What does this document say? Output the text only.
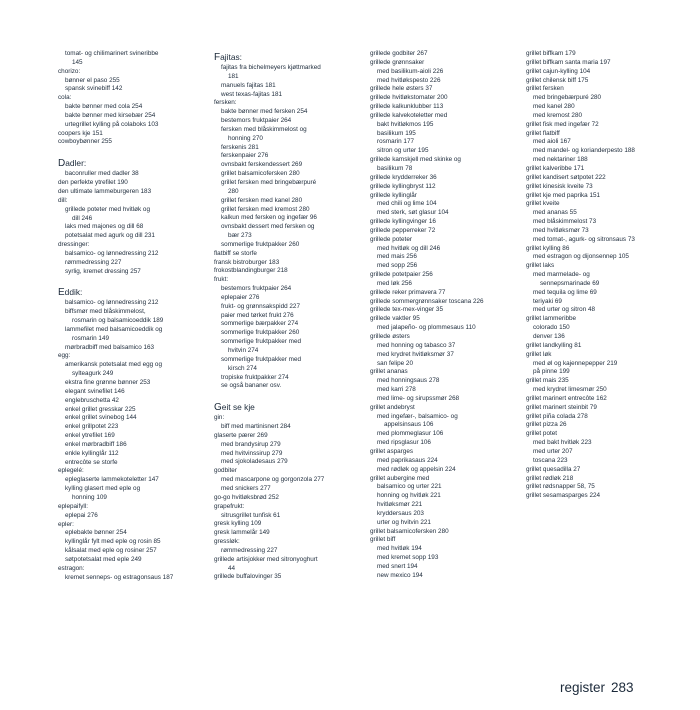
tomat- og chilimarinert svineribbe
145
chorizo:
bønner el paso 255
spansk svinebiff 142
cola:
bakte bønner med cola 254
bakte bønner med kirsebær 254
urtegrillet kylling på colaboks 103
coopers kje 151
cowboybønner 255
Dadler:
baconruller med dadler 38
den perfekte ytrefilet 190
den ultimate lammeburgeren 183
dill:
grillede poteter med hvitløk og
dill 246
laks med majones og dill 68
potetsalat med agurk og dill 231
dressinger:
balsamico- og lønnedressing 212
rømmedressing 227
syrlig, kremet dressing 257
Eddik:
balsamico- og lønnedressing 212
biffsmør med blåskimmelost,
rosmarin og balsamicoeddik 189
lammefilet med balsamicoeddik og
rosmarin 149
mørbradbiff med balsamico 163
egg:
amerikansk potetsalat med egg og
sylteagurk 249
ekstra fine grønne bønner 253
elegant svinefilet 146
englebruschetta 42
enkel grillet gresskar 225
enkel grillet svinebog 144
enkel grillpotet 223
enkel ytrefilet 169
enkel mørbradbiff 186
enkle kyllinglår 112
entrecôte se storfe
eplegelé:
epleglaserte lammekoteletter 147
kylling glasert med eple og
honning 109
eplepaifyll:
eplepai 276
epler:
eplebakte bønner 254
kyllinglår fylt med eple og rosin 85
kålsalat med eple og rosiner 257
søtpotetsalat med eple 249
estragon:
kremet senneps- og estragonsaus 187
Fajitas:
fajitas fra bichelmeyers kjøttmarked
181
manuels fajitas 181
west texas-fajitas 181
fersken:
bakte bønner med fersken 254
bestemors fruktpaier 264
fersken med blåskimmelost og
honning 270
ferskenis 281
ferskenpaier 276
ovnsbakt ferskendessert 269
grillet balsamicofersken 280
grillet fersken med bringebærpuré
280
grillet fersken med kanel 280
grillet fersken med kremost 280
kalkun med fersken og ingefær 96
ovnsbakt dessert med fersken og
bær 273
sommerlige fruktpakker 260
flatbiff se storfe
fransk bistroburger 183
frokostblandingburger 218
frukt:
bestemors fruktpaier 264
eplepaier 276
frukt- og grønnsakspidd 227
paier med tørket frukt 276
sommerlige bærpakker 274
sommerlige fruktpakker 260
sommerlige fruktpakker med
hvitvin 274
sommerlige fruktpakker med
kirsch 274
tropiske fruktpakker 274
se også bananer osv.
Geit se kje
gin:
biff med martinisnert 284
glaserte pærer 269
med brandysirup 279
med hvitvinssirup 279
med sjokoladesaus 279
godbiter
med mascarpone og gorgonzola 277
med snickers 277
go-go hvitløksbrød 252
grapefrukt:
sitrusgrillet tunfisk 61
gresk kylling 109
gresk lammelår 149
gressløk:
rømmedressing 227
grillede artisjokker med sitronyoghurt
44
grillede buffalovinger 35
grillede godbiter 267
grillede grønnsaker
med basilikum-aioli 226
med hvitløkspesto 226
grillede hele østers 37
grillede hvitløkstomater 200
grillede kalkunklubber 113
grillede kalvekoteletter med
bakt hvitløkmos 195
basilikum 195
rosmarin 177
sitron og urter 195
grillede kamskjell med skinke og
basilikum 78
grillede krydderreker 36
grillede kyllingbryst 112
grillede kyllinglår
med chili og lime 104
med sterk, søt glasur 104
grillede kyllingvinger 16
grillede pepperreker 72
grillede poteter
med hvitløk og dill 246
med mais 256
med sopp 256
grillede potetpaier 256
med løk 256
grillede reker primavera 77
grillede sommergrønnsaker toscana 226
grillede tex-mex-vinger 35
grillede vaktler 95
med jalapeño- og plommesaus 110
grillede østers
med honning og tabasco 37
med krydret hvitløksmør 37
san felipe 20
grillet ananas
med honningsaus 278
med karri 278
med lime- og sirupssmør 268
grillet andebryst
med ingefær-, balsamico- og
appelsinsaus 106
med plommeglasur 106
med ripsglasur 106
grillet asparges
med paprikasaus 224
med rødløk og appelsin 224
grillet aubergine med
balsamico og urter 221
honning og hvitløk 221
hvitløksmør 221
kryddersaus 203
urter og hvitvin 221
grillet balsamicofersken 280
grillet biff
med hvitløk 194
med kremet sopp 193
med snert 194
new mexico 194
grillet biffkam 179
grillet biffkam santa maria 197
grillet cajun-kylling 104
grillet chilensk biff 175
grillet fersken
med bringebærpuré 280
med kanel 280
med kremost 280
grillet fisk med ingefær 72
grillet flatbiff
med aioli 167
med mandel- og korianderpesto 188
med nektariner 188
grillet kalveribbe 171
grillet kandisert søtpotet 222
grillet kinesisk kveite 73
grillet kje med paprika 151
grillet kveite
med ananas 55
med blåskimmelost 73
med hvitløksmør 73
med tomat-, agurk- og sitronsaus 73
grillet kylling 86
med estragon og dijonsennep 105
grillet laks
med marmelade- og
sennepsmarinade 69
med tequila og lime 69
teriyaki 69
med urter og sitron 48
grillet lammeribbe
colorado 150
denver 136
grillet landkylling 81
grillet løk
med øl og kajennepepper 219
på pinne 199
grillet mais 235
med krydret limesmør 250
grillet marinert entrecôte 162
grillet marinert steinbit 79
grillet piña colada 278
grillet pizza 26
grillet potet
med bakt hvitløk 223
med urter 207
toscana 223
grillet quesadilla 27
grillet rødløk 218
grillet rødsnapper 58, 75
grillet sesamasparges 224
register 283
